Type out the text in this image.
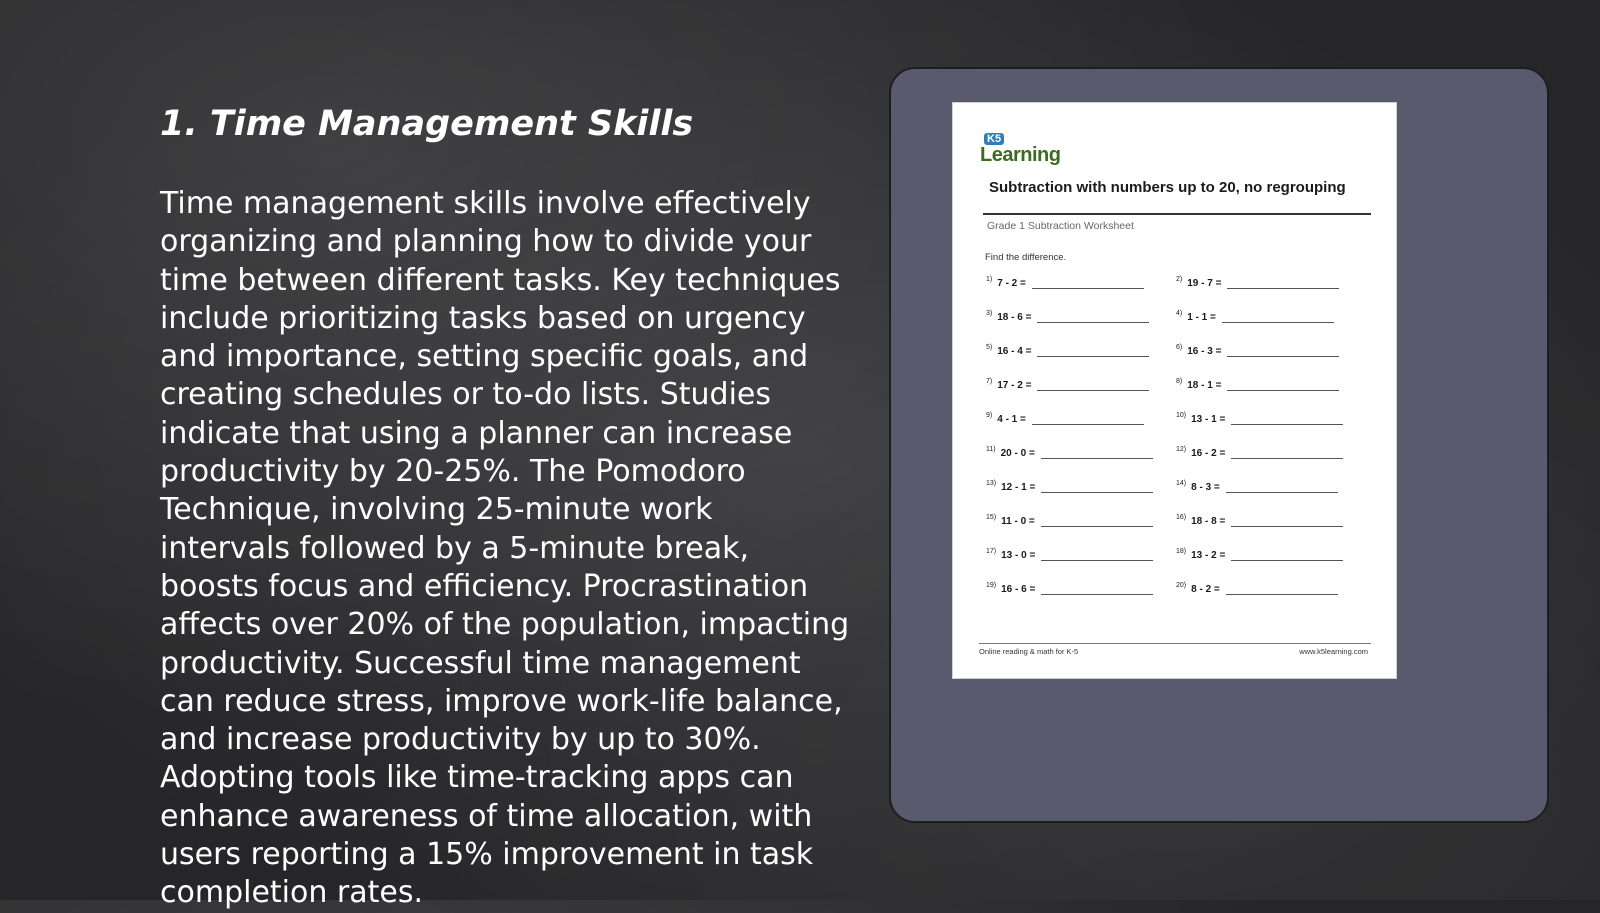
1. Time Management Skills

Time management skills involve effectively organizing and planning how to divide your time between different tasks. Key techniques include prioritizing tasks based on urgency and importance, setting specific goals, and creating schedules or to-do lists. Studies indicate that using a planner can increase productivity by 20-25%. The Pomodoro Technique, involving 25-minute work intervals followed by a 5-minute break, boosts focus and efficiency. Procrastination affects over 20% of the population, impacting productivity. Successful time management can reduce stress, improve work-life balance, and increase productivity by up to 30%. Adopting tools like time-tracking apps can enhance awareness of time allocation, with users reporting a 15% improvement in task completion rates.

K5
Learning
Subtraction with numbers up to 20, no regrouping
Grade 1 Subtraction Worksheet
Find the difference.
1) 7 - 2 =	2) 19 - 7 =
3) 18 - 6 =	4) 1 - 1 =
5) 16 - 4 =	6) 16 - 3 =
7) 17 - 2 =	8) 18 - 1 =
9) 4 - 1 =	10) 13 - 1 =
11) 20 - 0 =	12) 16 - 2 =
13) 12 - 1 =	14) 8 - 3 =
15) 11 - 0 =	16) 18 - 8 =
17) 13 - 0 =	18) 13 - 2 =
19) 16 - 6 =	20) 8 - 2 =
Online reading & math for K-5	www.k5learning.com
